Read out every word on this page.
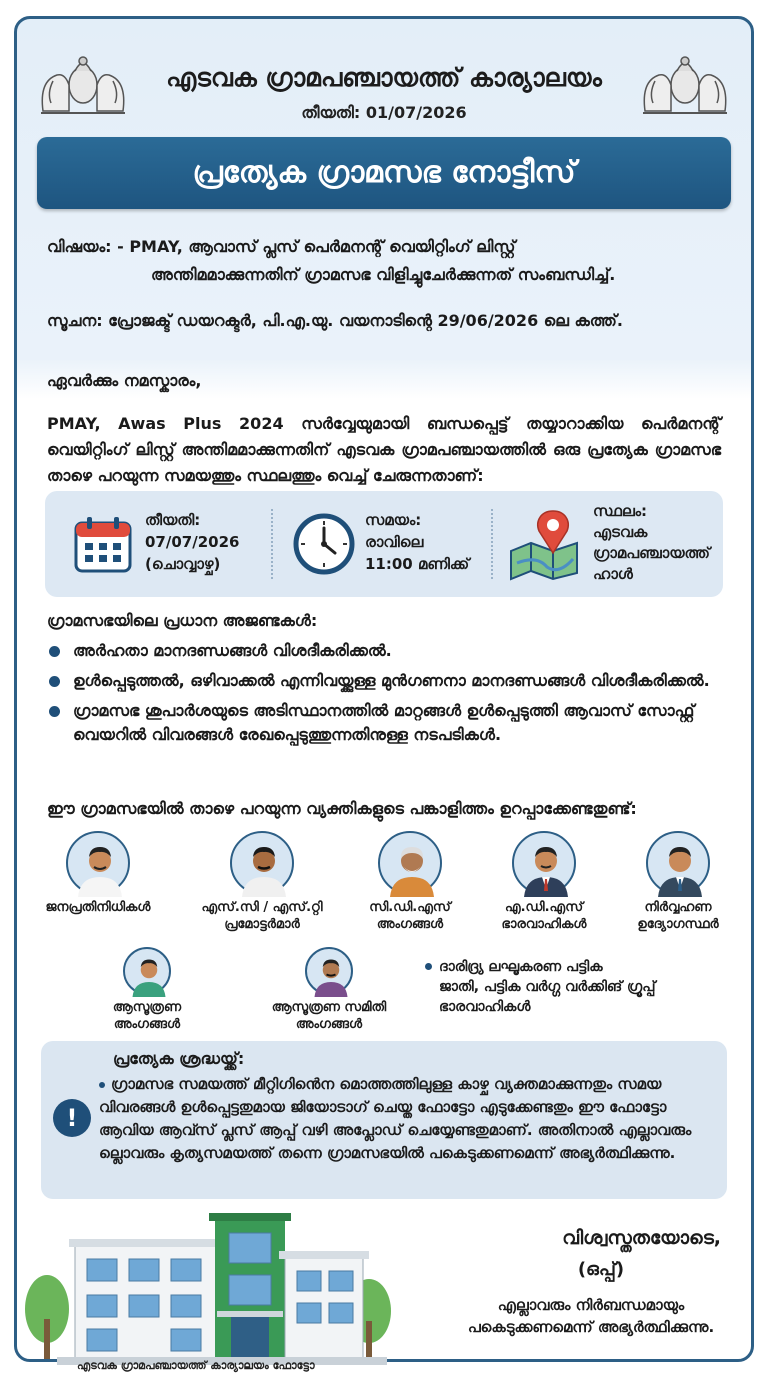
എടവക ഗ്രാമപഞ്ചായത്ത് കാര്യാലയം
തീയതി: 01/07/2026
പ്രത്യേക ഗ്രാമസഭ നോട്ടീസ്
വിഷയം: - PMAY, ആവാസ് പ്ലസ് പെർമനന്റ് വെയിറ്റിംഗ് ലിസ്റ്റ്
അന്തിമമാക്കുന്നതിന് ഗ്രാമസഭ വിളിച്ചുചേർക്കുന്നത് സംബന്ധിച്ച്.
സൂചന: പ്രോജക്ട് ഡയറക്ടർ, പി.എ.യു. വയനാടിന്റെ 29/06/2026 ലെ കത്ത്.
ഏവർക്കും നമസ്കാരം,
PMAY, Awas Plus 2024 സർവ്വേയുമായി ബന്ധപ്പെട്ട് തയ്യാറാക്കിയ പെർമനന്റ് വെയിറ്റിംഗ് ലിസ്റ്റ് അന്തിമമാക്കുന്നതിന് എടവക ഗ്രാമപഞ്ചായത്തിൽ ഒരു പ്രത്യേക ഗ്രാമസഭ താഴെ പറയുന്ന സമയത്തും സ്ഥലത്തും വെച്ച് ചേരുന്നതാണ്:
തീയതി:
07/07/2026
(ചൊവ്വാഴ്ച)
സമയം:
രാവിലെ
11:00 മണിക്ക്
സ്ഥലം:
എടവക
ഗ്രാമപഞ്ചായത്ത്
ഹാൾ
ഗ്രാമസഭയിലെ പ്രധാന അജണ്ടകൾ:
അർഹതാ മാനദണ്ഡങ്ങൾ വിശദീകരിക്കൽ.
ഉൾപ്പെടുത്തൽ, ഒഴിവാക്കൽ എന്നിവയ്ക്കുള്ള മുൻഗണനാ മാനദണ്ഡങ്ങൾ വിശദീകരിക്കൽ.
ഗ്രാമസഭ ശുപാർശയുടെ അടിസ്ഥാനത്തിൽ മാറ്റങ്ങൾ ഉൾപ്പെടുത്തി ആവാസ് സോഫ്റ്റ് വെയറിൽ വിവരങ്ങൾ രേഖപ്പെടുത്തുന്നതിനുള്ള നടപടികൾ.
ഈ ഗ്രാമസഭയിൽ താഴെ പറയുന്ന വ്യക്തികളുടെ പങ്കാളിത്തം ഉറപ്പാക്കേണ്ടതുണ്ട്:
ജനപ്രതിനിധികൾ	എസ്.സി / എസ്.റ്റി
പ്രമോട്ടർമാർ
സി.ഡി.എസ്
അംഗങ്ങൾ
എ.ഡി.എസ്
ഭാരവാഹികൾ
നിർവ്വഹണ
ഉദ്യോഗസ്ഥർ
ആസൂത്രണ
അംഗങ്ങൾ
ആസൂത്രണ സമിതി
അംഗങ്ങൾ
ദാരിദ്ര്യ ലഘൂകരണ പട്ടിക
ജാതി, പട്ടിക വർഗ്ഗ വർക്കിങ് ഗ്രൂപ്പ്
ഭാരവാഹികൾ
!
പ്രത്യേക ശ്രദ്ധയ്ക്ക്:
ഗ്രാമസഭ സമയത്ത് മീറ്റിഗിൻെന മൊത്തത്തിലുള്ള കാഴ്ച വ്യക്തമാക്കുന്നതും സമയ വിവരങ്ങൾ ഉൾപ്പെട്ടതുമായ ജിയോടാഗ് ചെയ്ത ഫോട്ടോ എടുക്കേണ്ടതും ഈ ഫോട്ടോ ആവിയ ആവ്സ് പ്ലസ് ആപ്പ് വഴി അപ്ലോഡ് ചെയ്യേണ്ടതുമാണ്. അതിനാൽ എല്ലാവരും ല്ലൊവരും കൃത്യസമയത്ത് തന്നെ ഗ്രാമസഭയിൽ പകെടുക്കണമെന്ന് അഭ്യർത്ഥിക്കുന്നു.
എടവക ഗ്രാമപഞ്ചായത്ത് കാര്യാലയം ഫോട്ടോ
വിശ്വസ്തതയോടെ,
(ഒപ്പ്)
എല്ലാവരും നിർബന്ധമായും
പകെടുക്കണമെന്ന് അഭ്യർത്ഥിക്കുന്നു.
